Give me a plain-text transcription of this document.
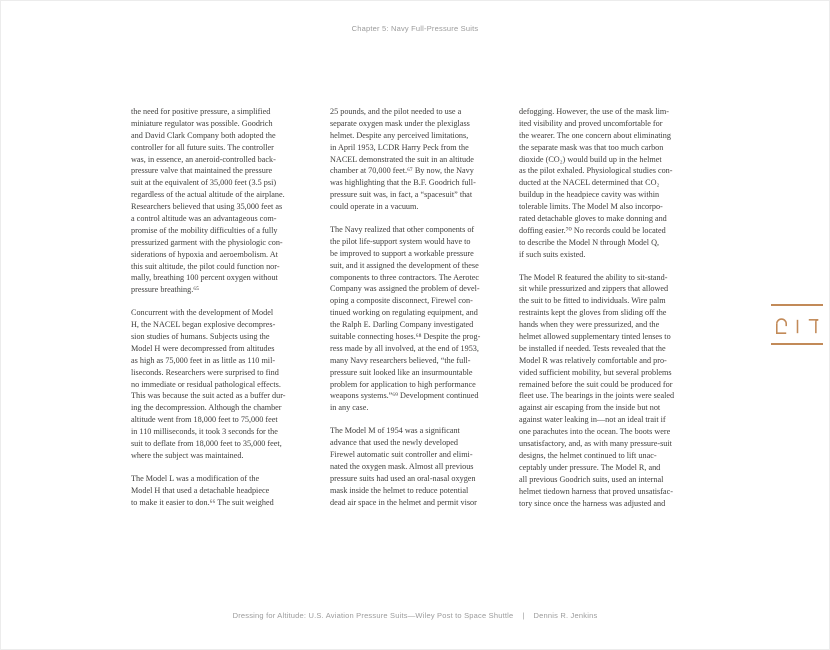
Chapter 5: Navy Full-Pressure Suits
the need for positive pressure, a simplified
miniature regulator was possible. Goodrich
and David Clark Company both adopted the
controller for all future suits. The controller
was, in essence, an aneroid-controlled back-
pressure valve that maintained the pressure
suit at the equivalent of 35,000 feet (3.5 psi)
regardless of the actual altitude of the airplane.
Researchers believed that using 35,000 feet as
a control altitude was an advantageous com-
promise of the mobility difficulties of a fully
pressurized garment with the physiologic con-
siderations of hypoxia and aeroembolism. At
this suit altitude, the pilot could function nor-
mally, breathing 100 percent oxygen without
pressure breathing.⁶⁵
Concurrent with the development of Model
H, the NACEL began explosive decompres-
sion studies of humans. Subjects using the
Model H were decompressed from altitudes
as high as 75,000 feet in as little as 110 mil-
liseconds. Researchers were surprised to find
no immediate or residual pathological effects.
This was because the suit acted as a buffer dur-
ing the decompression. Although the chamber
altitude went from 18,000 feet to 75,000 feet
in 110 milliseconds, it took 3 seconds for the
suit to deflate from 18,000 feet to 35,000 feet,
where the subject was maintained.
The Model L was a modification of the
Model H that used a detachable headpiece
to make it easier to don.⁶⁶ The suit weighed
25 pounds, and the pilot needed to use a
separate oxygen mask under the plexiglass
helmet. Despite any perceived limitations,
in April 1953, LCDR Harry Peck from the
NACEL demonstrated the suit in an altitude
chamber at 70,000 feet.⁶⁷ By now, the Navy
was highlighting that the B.F. Goodrich full-
pressure suit was, in fact, a “spacesuit” that
could operate in a vacuum.
The Navy realized that other components of
the pilot life-support system would have to
be improved to support a workable pressure
suit, and it assigned the development of these
components to three contractors. The Aerotec
Company was assigned the problem of devel-
oping a composite disconnect, Firewel con-
tinued working on regulating equipment, and
the Ralph E. Darling Company investigated
suitable connecting hoses.⁶⁸ Despite the prog-
ress made by all involved, at the end of 1953,
many Navy researchers believed, “the full-
pressure suit looked like an insurmountable
problem for application to high performance
weapons systems.”⁶⁹ Development continued
in any case.
The Model M of 1954 was a significant
advance that used the newly developed
Firewel automatic suit controller and elimi-
nated the oxygen mask. Almost all previous
pressure suits had used an oral-nasal oxygen
mask inside the helmet to reduce potential
dead air space in the helmet and permit visor
defogging. However, the use of the mask lim-
ited visibility and proved uncomfortable for
the wearer. The one concern about eliminating
the separate mask was that too much carbon
dioxide (CO₂) would build up in the helmet
as the pilot exhaled. Physiological studies con-
ducted at the NACEL determined that CO₂
buildup in the headpiece cavity was within
tolerable limits. The Model M also incorpo-
rated detachable gloves to make donning and
doffing easier.⁷⁰ No records could be located
to describe the Model N through Model Q,
if such suits existed.
The Model R featured the ability to sit-stand-
sit while pressurized and zippers that allowed
the suit to be fitted to individuals. Wire palm
restraints kept the gloves from sliding off the
hands when they were pressurized, and the
helmet allowed supplementary tinted lenses to
be installed if needed. Tests revealed that the
Model R was relatively comfortable and pro-
vided sufficient mobility, but several problems
remained before the suit could be produced for
fleet use. The bearings in the joints were sealed
against air escaping from the inside but not
against water leaking in—not an ideal trait if
one parachutes into the ocean. The boots were
unsatisfactory, and, as with many pressure-suit
designs, the helmet continued to lift unac-
ceptably under pressure. The Model R, and
all previous Goodrich suits, used an internal
helmet tiedown harness that proved unsatisfac-
tory since once the harness was adjusted and
Dressing for Altitude: U.S. Aviation Pressure Suits—Wiley Post to Space Shuttle | Dennis R. Jenkins
